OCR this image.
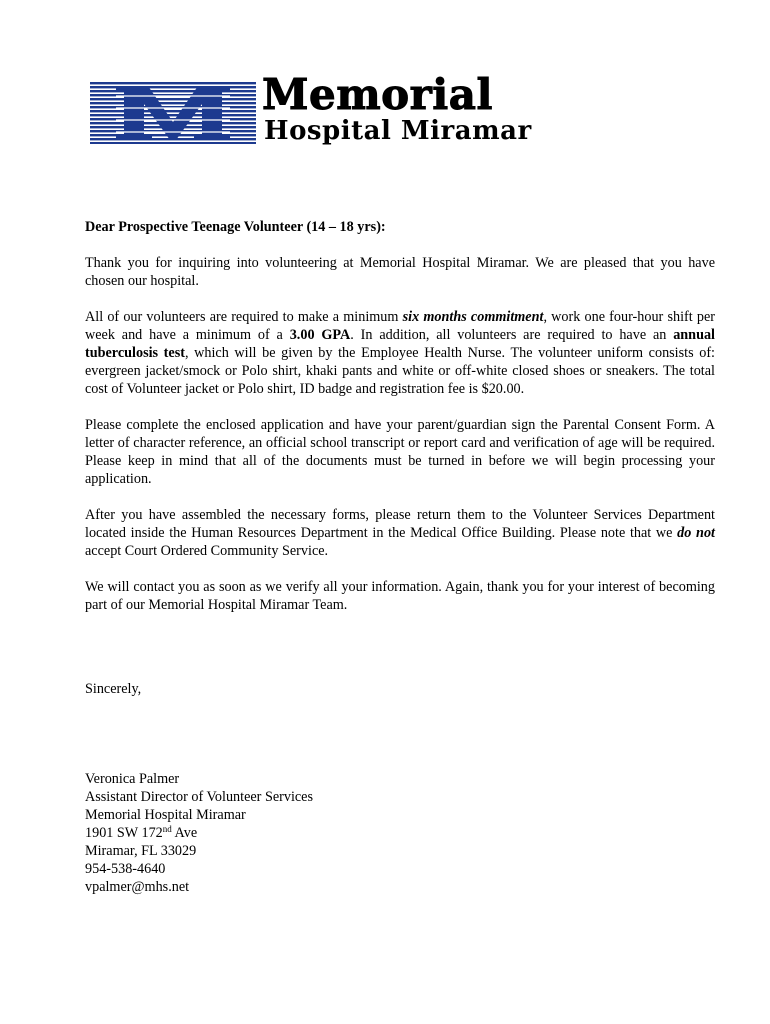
Memorial
Hospital Miramar

Dear Prospective Teenage Volunteer (14 – 18 yrs):

Thank you for inquiring into volunteering at Memorial Hospital Miramar. We are pleased that you have chosen our hospital.

All of our volunteers are required to make a minimum six months commitment, work one four-hour shift per week and have a minimum of a 3.00 GPA. In addition, all volunteers are required to have an annual tuberculosis test, which will be given by the Employee Health Nurse. The volunteer uniform consists of: evergreen jacket/smock or Polo shirt, khaki pants and white or off-white closed shoes or sneakers. The total cost of Volunteer jacket or Polo shirt, ID badge and registration fee is $20.00.

Please complete the enclosed application and have your parent/guardian sign the Parental Consent Form. A letter of character reference, an official school transcript or report card and verification of age will be required. Please keep in mind that all of the documents must be turned in before we will begin processing your application.

After you have assembled the necessary forms, please return them to the Volunteer Services Department located inside the Human Resources Department in the Medical Office Building. Please note that we do not accept Court Ordered Community Service.

We will contact you as soon as we verify all your information. Again, thank you for your interest of becoming part of our Memorial Hospital Miramar Team.

Sincerely,
Veronica Palmer
Assistant Director of Volunteer Services
Memorial Hospital Miramar
1901 SW 172nd Ave
Miramar, FL 33029
954-538-4640
vpalmer@mhs.net
